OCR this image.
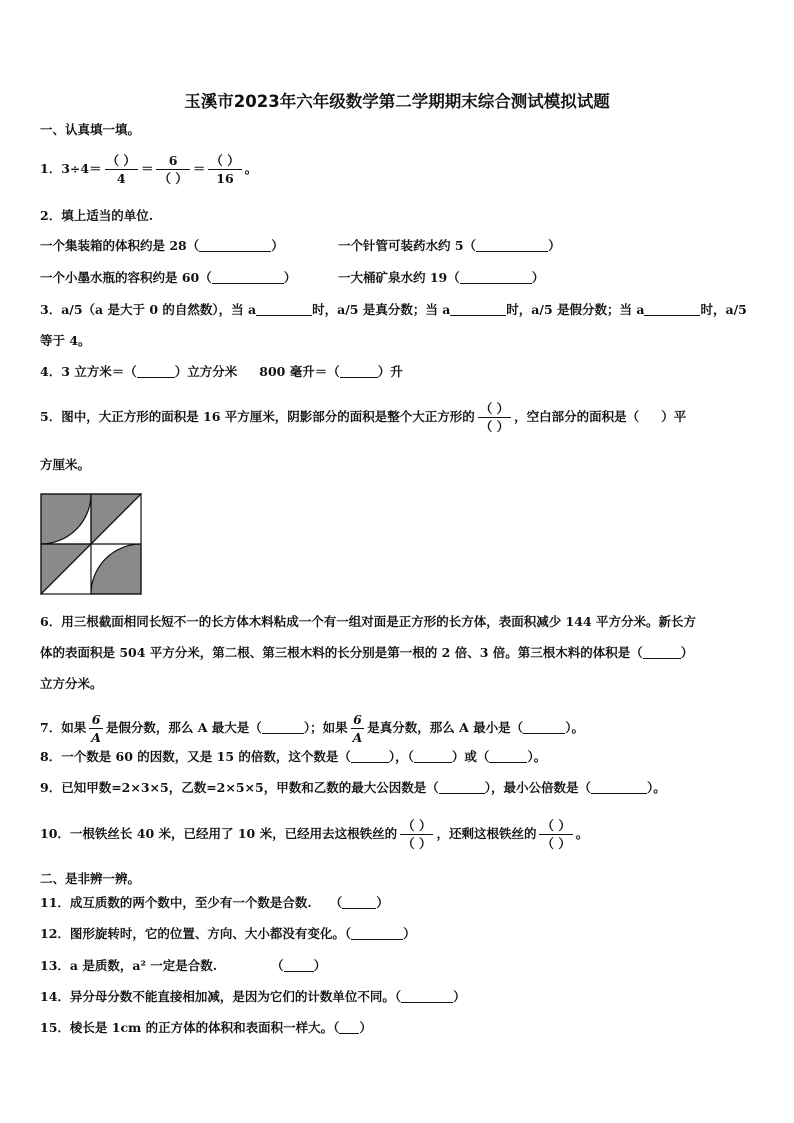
玉溪市2023年六年级数学第二学期期末综合测试模拟试题
一、认真填一填。
1．$3\div 4= \frac{( )}{4} = \frac{6}{( )} = \frac{( )}{16}$ 。
2．填上适当的单位.
一个集装箱的体积约是 28（	）	一个针管可装药水约 5（	）
一个小墨水瓶的容积约是 60（	）	一大桶矿泉水约 19（	）
3．a/5（a 是大于 0 的自然数），当 a	时，a/5 是真分数；当 a	时，a/5 是假分数；当 a	时，a/5
等于 4。
4．3 立方米＝（	）立方分米 800 毫升＝（	）升
5．图中，大正方形的面积是 16 平方厘米，阴影部分的面积是整个大正方形的 $\frac{( )}{( )}$ ，空白部分的面积是（ ）平
方厘米。
6．用三根截面相同长短不一的长方体木料粘成一个有一组对面是正方形的长方体，表面积减少 144 平方分米。新长方
体的表面积是 504 平方分米，第二根、第三根木料的长分别是第一根的 2 倍、3 倍。第三根木料的体积是（	）
立方分米。
7．如果 $\frac{6}{A}$ 是假分数，那么 A 最大是（	）；如果 $\frac{6}{A}$ 是真分数，那么 A 最小是（	）。
8．一个数是 60 的因数，又是 15 的倍数，这个数是（	），（	）或（	）。
9．已知甲数=2×3×5，乙数=2×5×5，甲数和乙数的最大公因数是（	），最小公倍数是（	）。
10．一根铁丝长 40 米，已经用了 10 米，已经用去这根铁丝的 $\frac{( )}{( )}$ ，还剩这根铁丝的 $\frac{( )}{( )}$ 。
二、是非辨一辨。
11．成互质数的两个数中，至少有一个数是合数. （	）
12．图形旋转时，它的位置、方向、大小都没有变化。（	）
13．a 是质数，a² 一定是合数.	（ ）
14．异分母分数不能直接相加减，是因为它们的计数单位不同。（	）
15．棱长是 1cm 的正方体的体积和表面积一样大。（ ）
